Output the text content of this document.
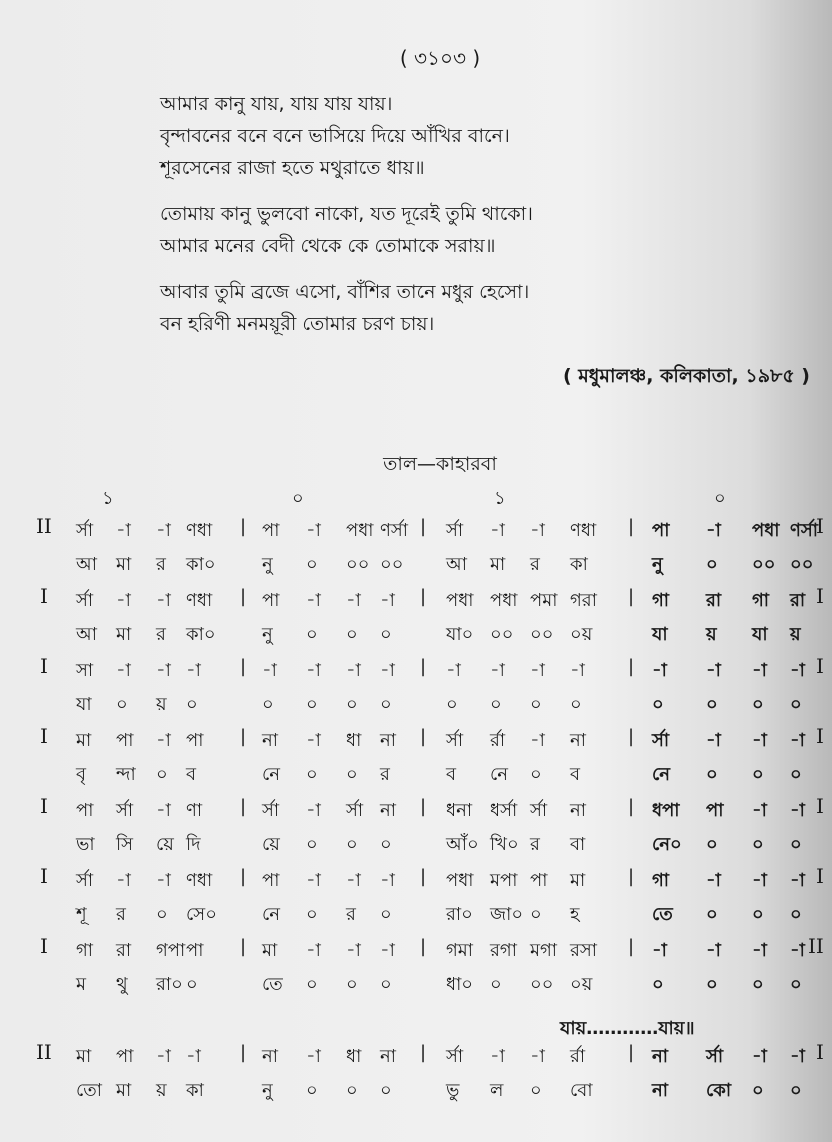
( ৩১০৩ )
আমার কানু যায়, যায় যায় যায়।
বৃন্দাবনের বনে বনে ভাসিয়ে দিয়ে আঁখির বানে।
শূরসেনের রাজা হতে মথুরাতে ধায়॥
তোমায় কানু ভুলবো নাকো, যত দূরেই তুমি থাকো।
আমার মনের বেদী থেকে কে তোমাকে সরায়॥
আবার তুমি ব্রজে এসো, বাঁশির তানে মধুর হেসো।
বন হরিণী মনময়ূরী তোমার চরণ চায়।
( মধুমালঞ্চ, কলিকাতা, ১৯৮৫ )
তাল—কাহারবা
১	০	১	০
II র্সা -া -া ণধা	পা -া পধা ণর্সা র্সা -া -া ণধা	পা -া পধা ণর্সা
|	|	|	I
আ মা র কা০	নু ০ ০০ ০০ আ মা র কা	নু ০ ০০ ০০
I র্সা -া -া ণধা	পা -া -া -া	পধা পধা পমা গরা	গা রা গা রা
|	|	|	I
আ মা র কা০	নু ০ ০ ০	যা০ ০০ ০০ ০য়	যা য় যা য়
I সা -া -া -া	-া -া -া -া	-া -া -া -া	-া -া -া -া
|	|	|	I
যা ০ য় ০	০ ০ ০ ০	০ ০ ০ ০	০ ০ ০ ০
I মা পা -া পা	না -া ধা না	র্সা র্রা -া না	র্সা -া -া -া
|	|	|	I
বৃ ন্দা ০ ব	নে ০ ০ র	ব নে ০ ব	নে ০ ০ ০
I পা র্সা -া ণা	র্সা -া র্সা না	ধনা ধর্সা র্সা না	ধপা পা -া -া
|	|	|	I
ভা সি য়ে দি	য়ে ০ ০ ০	আঁ০ খি০ র বা	নে০ ০ ০ ০
I র্সা -া -া ণধা	পা -া -া -া	পধা মপা পা মা	গা -া -া -া
|	|	|	I
শূ র ০ সে০	নে ০ র ০	রা০ জা০ ০ হ	তে ০ ০ ০
I গা রা গপা পা	মা -া -া -া	গমা রগা মগা রসা	-া -া -া -া
|	|	|	II
ম থু রা০ ০	তে ০ ০ ০	ধা০ ০ ০০ ০য়	০ ০ ০ ০
II মা পা -া -া	না -া ধা না	র্সা -া -া র্রা	না র্সা -া -া
|	|	|	I
তো মা য় কা	নু ০ ০ ০	ভু ল ০ বো	না কো ০ ০
যায়…………যায়॥
